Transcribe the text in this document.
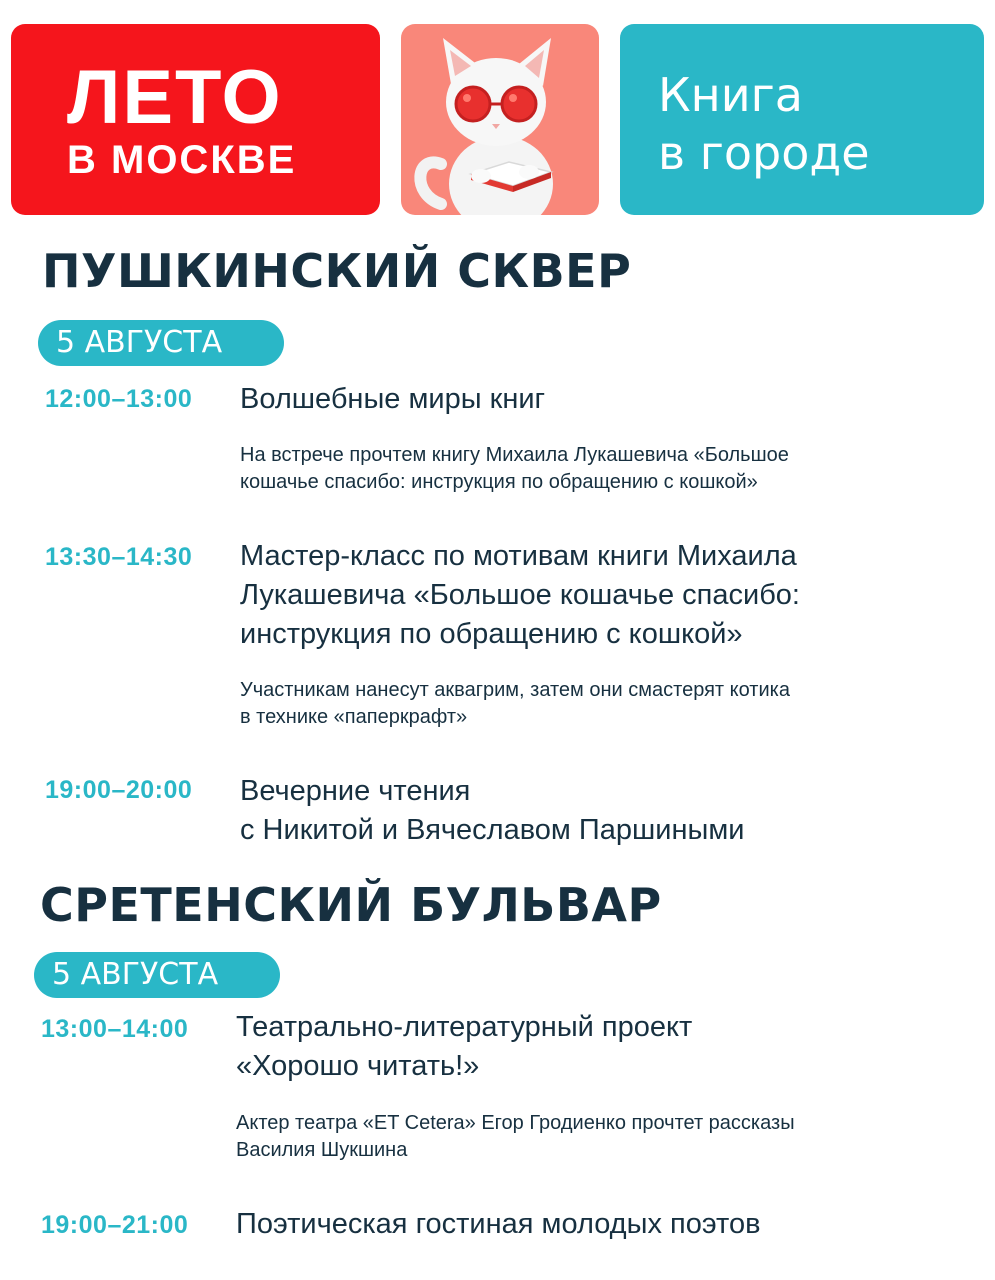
ЛЕТО
В МОСКВЕ
Книга
в городе
ПУШКИНСКИЙ СКВЕР
5 АВГУСТА
12:00–13:00 Волшебные миры книг
На встрече прочтем книгу Михаила Лукашевича «Большое
кошачье спасибо: инструкция по обращению с кошкой»
13:30–14:30 Мастер-класс по мотивам книги Михаила
Лукашевича «Большое кошачье спасибо:
инструкция по обращению с кошкой»
Участникам нанесут аквагрим, затем они смастерят котика
в технике «паперкрафт»
19:00–20:00 Вечерние чтения
с Никитой и Вячеславом Паршиными
СРЕТЕНСКИЙ БУЛЬВАР
5 АВГУСТА
13:00–14:00 Театрально-литературный проект
«Хорошо читать!»
Актер театра «ET Cetera» Егор Гродиенко прочтет рассказы
Василия Шукшина
19:00–21:00 Поэтическая гостиная молодых поэтов
